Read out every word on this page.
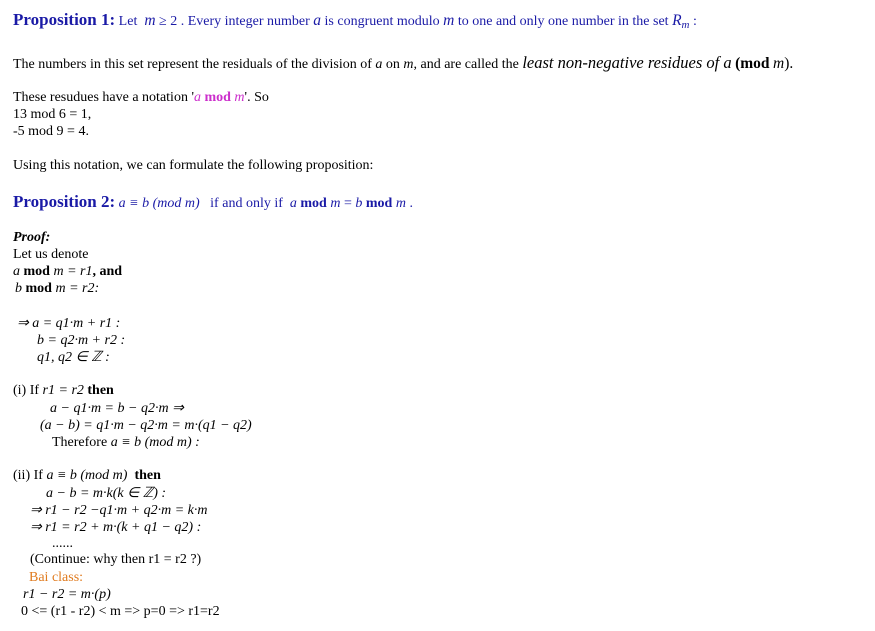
Proposition 1: Let m ≥ 2 . Every integer number a is congruent modulo m to one and only one number in the set $R_m$ :
The numbers in this set represent the residuals of the division of a on m, and are called the least non-negative residues of a (mod m).
These resudues have a notation 'a mod m'. So
13 mod 6 = 1,
-5 mod 9 = 4.
Using this notation, we can formulate the following proposition:
Proposition 2: a ≡ b (mod m) if and only if a mod m = b mod m .
Proof:
Let us denote
a mod m = r1, and
b mod m = r2:
⇒ a = q1·m + r1 :
b = q2·m + r2 :
q1, q2 ∈ ℤ :
(i) If r1 = r2 then
a − q1·m = b − q2·m ⇒
(a − b) = q1·m − q2·m = m·(q1 − q2)
Therefore a ≡ b (mod m) :
(ii) If a ≡ b (mod m) then
a − b = m·k(k ∈ ℤ) :
⇒ r1 − r2 −q1·m + q2·m = k·m
⇒ r1 = r2 + m·(k + q1 − q2) :
......
(Continue: why then r1 = r2 ?)
Bai class:
r1 − r2 = m·(p)
0 <= (r1 - r2) < m => p=0 => r1=r2
